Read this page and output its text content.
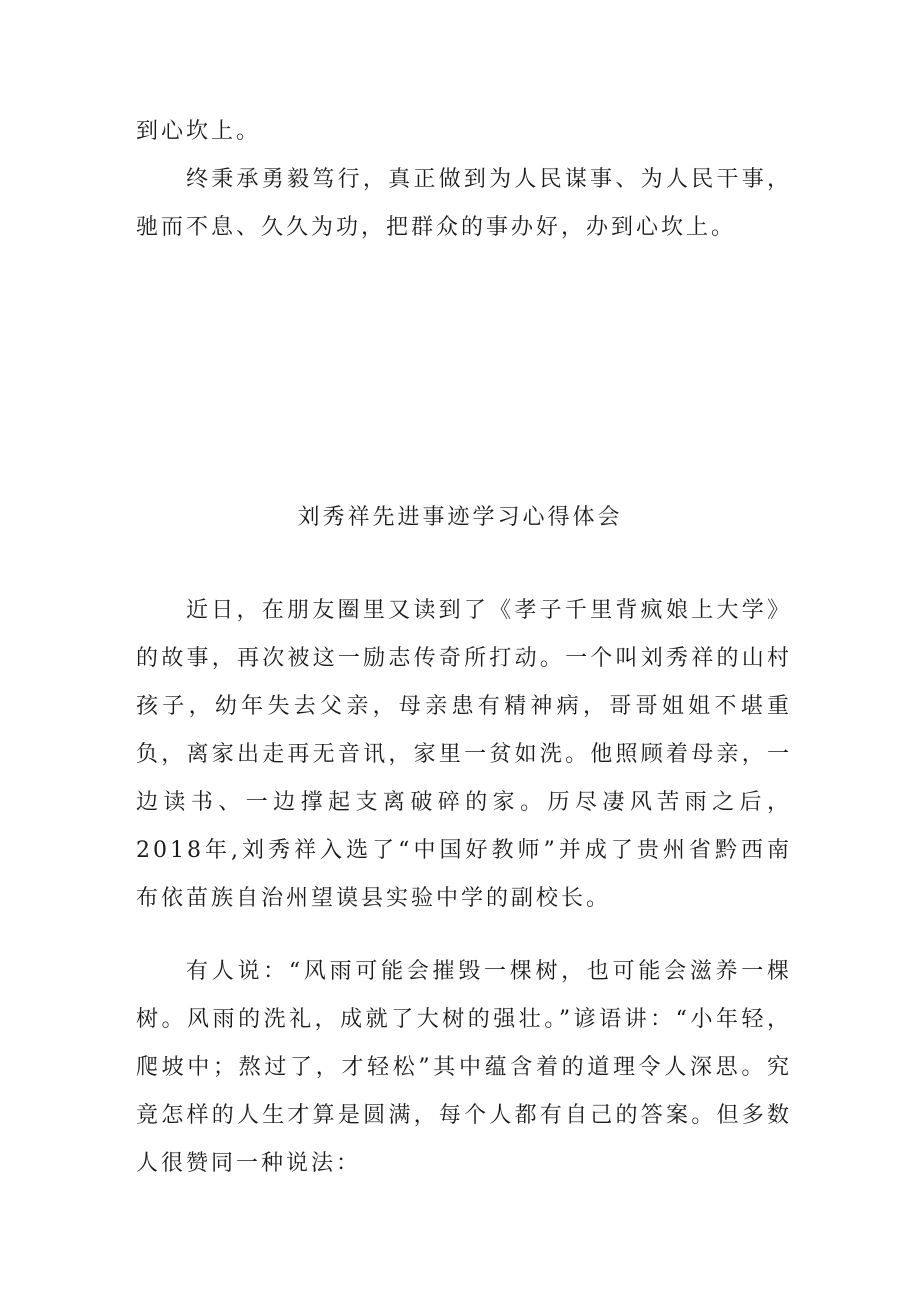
到心坎上。

终秉承勇毅笃行，真正做到为人民谋事、为人民干事，驰而不息、久久为功，把群众的事办好，办到心坎上。

刘秀祥先进事迹学习心得体会

近日，在朋友圈里又读到了《孝子千里背疯娘上大学》的故事，再次被这一励志传奇所打动。一个叫刘秀祥的山村孩子，幼年失去父亲，母亲患有精神病，哥哥姐姐不堪重负，离家出走再无音讯，家里一贫如洗。他照顾着母亲，一边读书、一边撑起支离破碎的家。历尽凄风苦雨之后，2018年,刘秀祥入选了“中国好教师”并成了贵州省黔西南布依苗族自治州望谟县实验中学的副校长。

有人说：“风雨可能会摧毁一棵树，也可能会滋养一棵树。风雨的洗礼，成就了大树的强壮。”谚语讲：“小年轻，爬坡中；熬过了，才轻松”其中蕴含着的道理令人深思。究竟怎样的人生才算是圆满，每个人都有自己的答案。但多数人很赞同一种说法：
